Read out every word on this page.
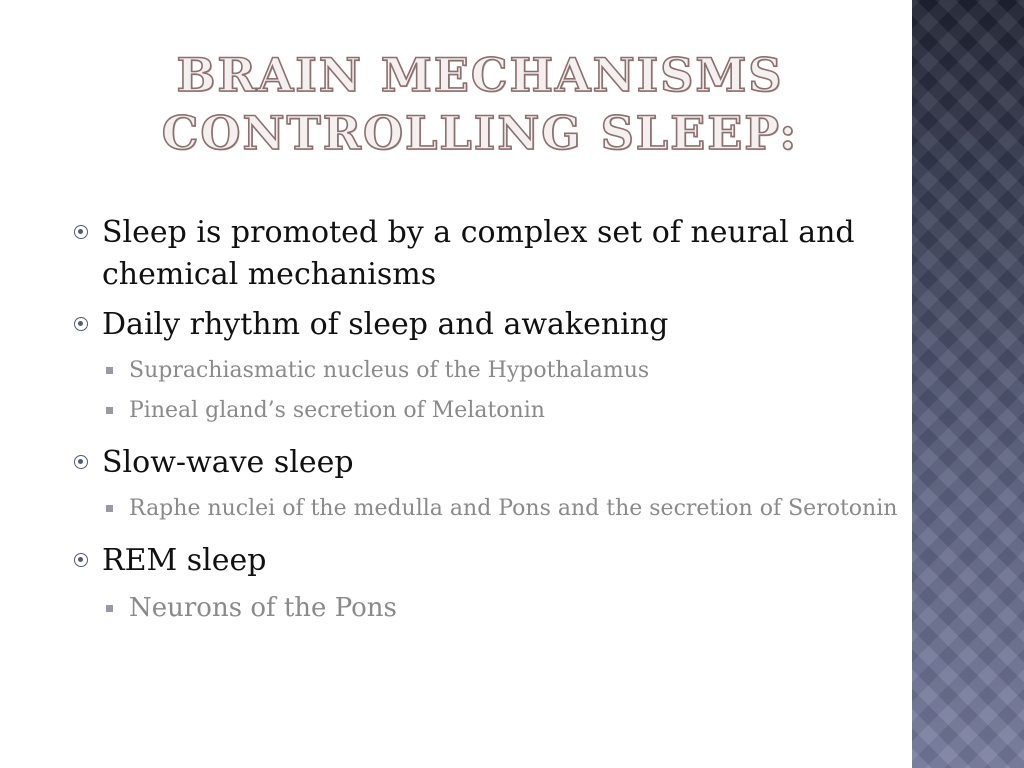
BRAIN MECHANISMS
CONTROLLING SLEEP:
Sleep is promoted by a complex set of neural and chemical mechanisms
Daily rhythm of sleep and awakening
Suprachiasmatic nucleus of the Hypothalamus
Pineal gland’s secretion of Melatonin
Slow-wave sleep
Raphe nuclei of the medulla and Pons and the secretion of Serotonin
REM sleep
Neurons of the Pons
